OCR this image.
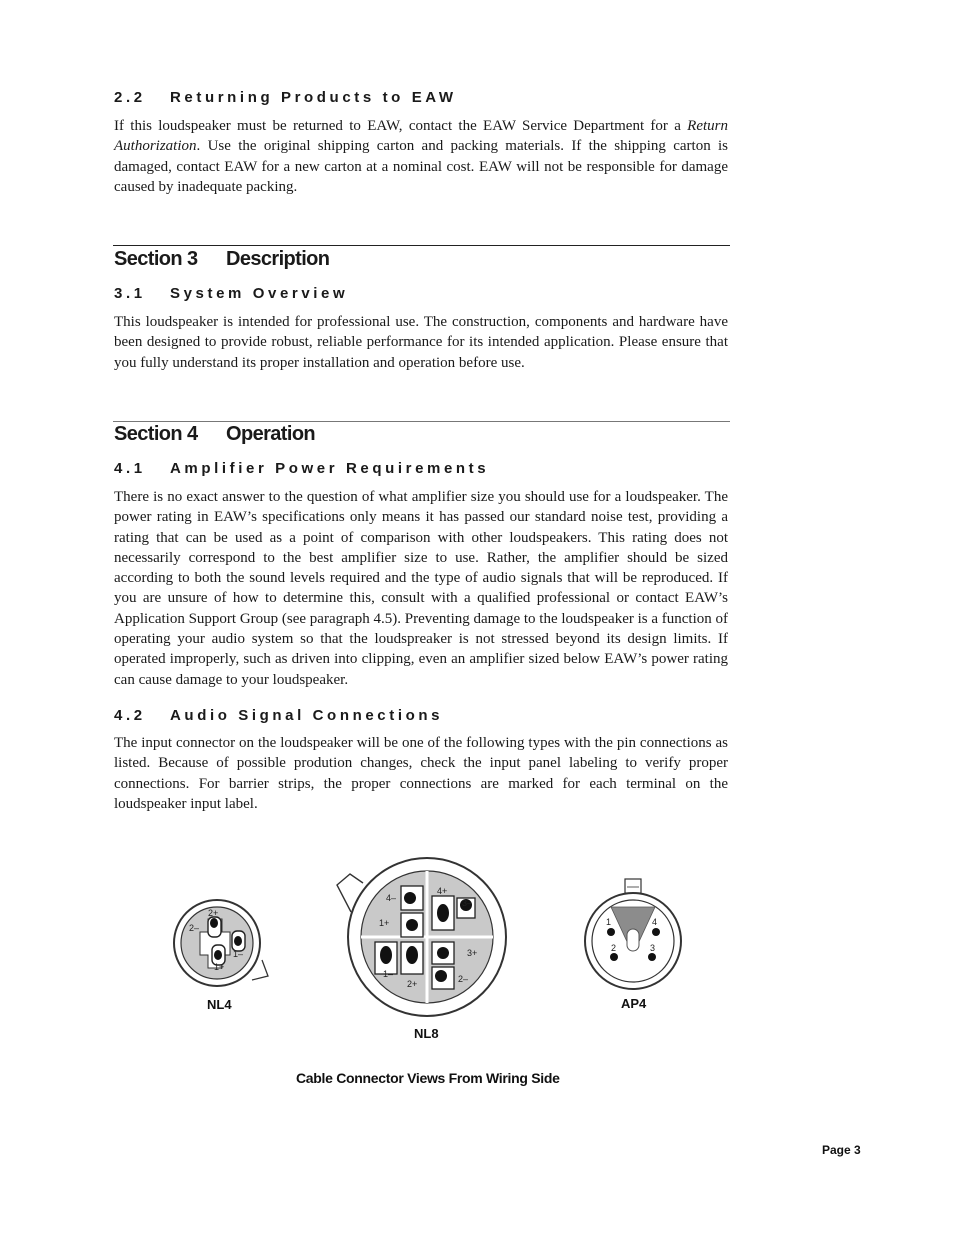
2.2 Returning Products to EAW

If this loudspeaker must be returned to EAW, contact the EAW Service Department for a Return Authorization. Use the original shipping carton and packing materials. If the shipping carton is damaged, contact EAW for a new carton at a nominal cost. EAW will not be responsible for damage caused by inadequate packing.

Section 3 Description
3.1 System Overview

This loudspeaker is intended for professional use. The construction, components and hardware have been designed to provide robust, reliable performance for its intended application. Please ensure that you fully understand its proper installation and operation before use.

Section 4 Operation
4.1 Amplifier Power Requirements

There is no exact answer to the question of what amplifier size you should use for a loudspeaker. The power rating in EAW’s specifications only means it has passed our standard noise test, providing a rating that can be used as a point of comparison with other loudspeakers. This rating does not necessarily correspond to the best amplifier size to use. Rather, the amplifier should be sized according to both the sound levels required and the type of audio signals that will be reproduced. If you are unsure of how to determine this, consult with a qualified professional or contact EAW’s Application Support Group (see paragraph 4.5). Preventing damage to the loudspeaker is a function of operating your audio system so that the loudspreaker is not stressed beyond its design limits. If operated improperly, such as driven into clipping, even an amplifier sized below EAW’s power rating can cause damage to your loudspeaker.

4.2 Audio Signal Connections

The input connector on the loudspeaker will be one of the following types with the pin connections as listed. Because of possible prodution changes, check the input panel labeling to verify proper connections. For barrier strips, the proper connections are marked for each terminal on the loudspeaker input label.

2+
2–
1–
1+
4+
4–	3–
1+
3+
1–
2+	2–
1	4
2	3

NL4

NL8

AP4

Cable Connector Views From Wiring Side

Page 3
